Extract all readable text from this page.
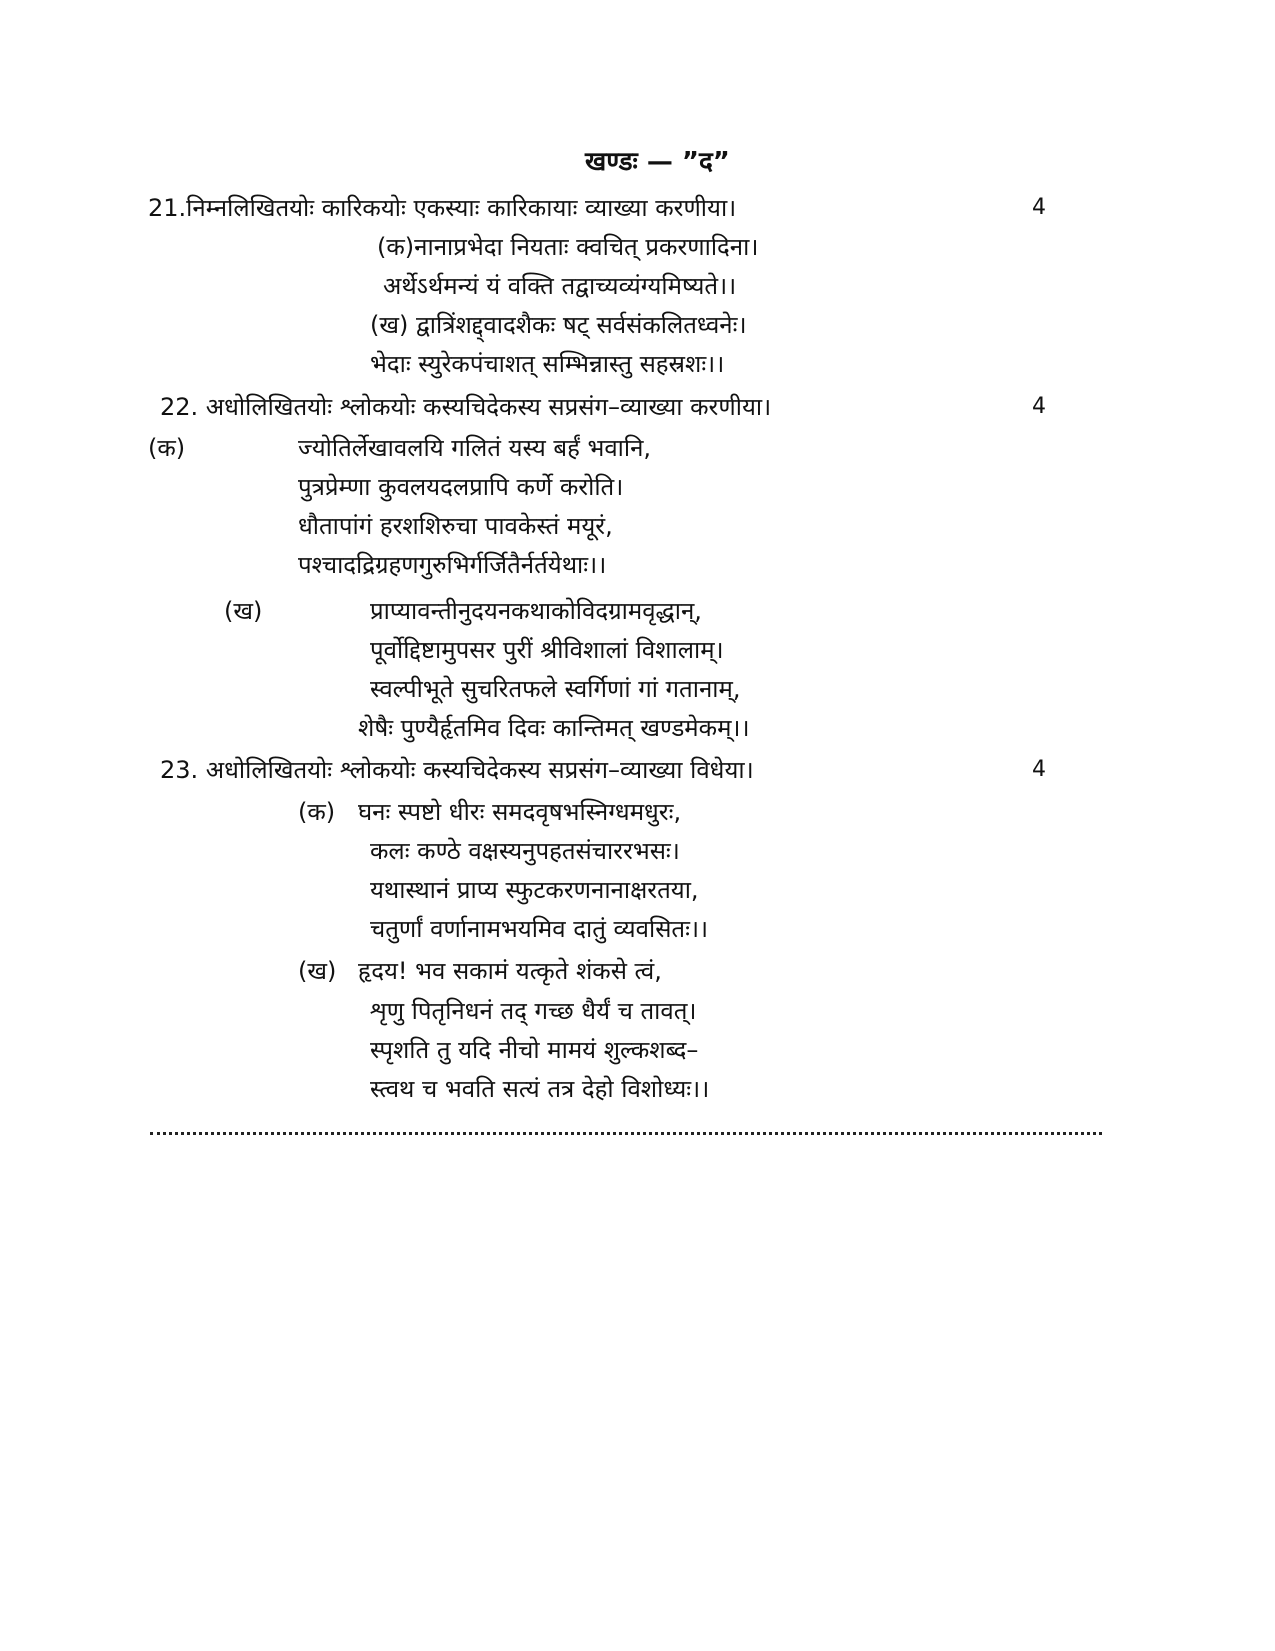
खण्डः — ”द”
21.निम्नलिखितयोः कारिकयोः एकस्याः कारिकायाः व्याख्या करणीया।	4
(क)नानाप्रभेदा नियताः क्वचित् प्रकरणादिना।
अर्थेऽर्थमन्यं यं वक्ति तद्वाच्यव्यंग्यमिष्यते।।
(ख) द्वात्रिंशद्द्वादशैकः षट् सर्वसंकलितध्वनेः।
भेदाः स्युरेकपंचाशत् सम्भिन्नास्तु सहस्रशः।।
22. अधोलिखितयोः श्लोकयोः कस्यचिदेकस्य सप्रसंग–व्याख्या करणीया।	4
(क)	ज्योतिर्लेखावलयि गलितं यस्य बर्हं भवानि,
पुत्रप्रेम्णा कुवलयदलप्रापि कर्णे करोति।
धौतापांगं हरशशिरुचा पावकेस्तं मयूरं,
पश्चादद्रिग्रहणगुरुभिर्गर्जितैर्नर्तयेथाः।।
(ख)	प्राप्यावन्तीनुदयनकथाकोविदग्रामवृद्धान्,
पूर्वोद्दिष्टामुपसर पुरीं श्रीविशालां विशालाम्।
स्वल्पीभूते सुचरितफले स्वर्गिणां गां गतानाम्,
शेषैः पुण्यैर्हृतमिव दिवः कान्तिमत् खण्डमेकम्।।
23. अधोलिखितयोः श्लोकयोः कस्यचिदेकस्य सप्रसंग–व्याख्या विधेया।	4
(क) घनः स्पष्टो धीरः समदवृषभस्निग्धमधुरः,
कलः कण्ठे वक्षस्यनुपहतसंचाररभसः।
यथास्थानं प्राप्य स्फुटकरणनानाक्षरतया,
चतुर्णां वर्णानामभयमिव दातुं व्यवसितः।।
(ख) हृदय! भव सकामं यत्कृते शंकसे त्वं,
शृणु पितृनिधनं तद् गच्छ धैर्यं च तावत्।
स्पृशति तु यदि नीचो मामयं शुल्कशब्द–
स्त्वथ च भवति सत्यं तत्र देहो विशोध्यः।।
